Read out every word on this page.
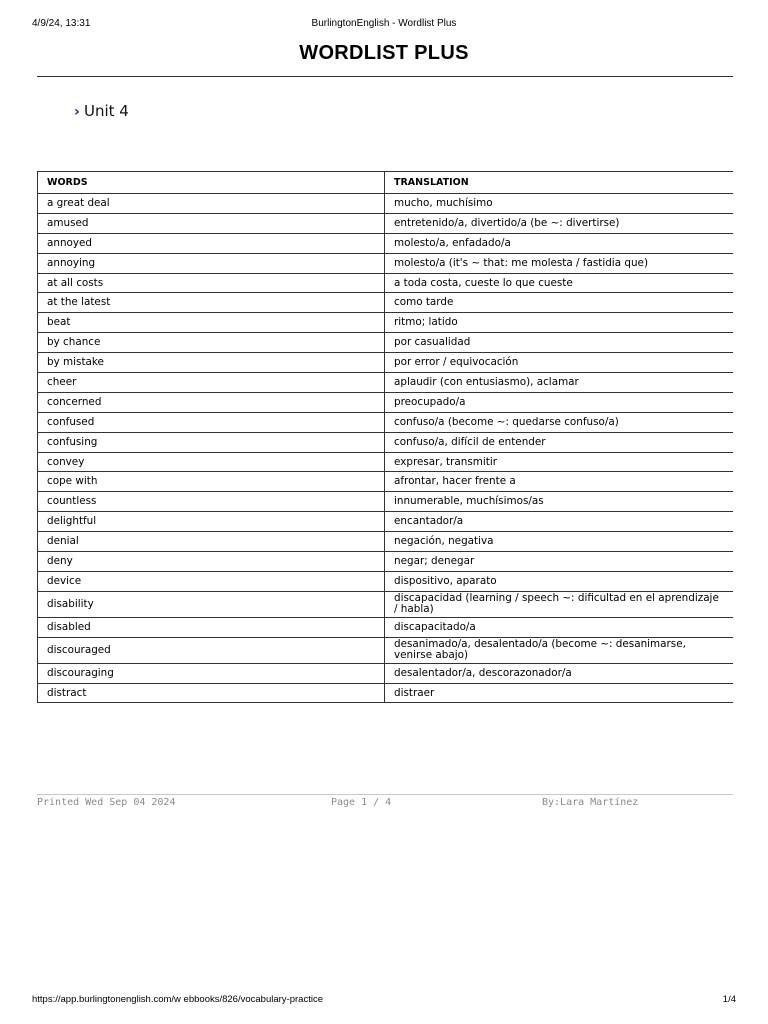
4/9/24, 13:31	BurlingtonEnglish - Wordlist Plus
WORDLIST PLUS
› Unit 4
WORDS	TRANSLATION
a great deal	mucho, muchísimo
amused	entretenido/a, divertido/a (be ~: divertirse)
annoyed	molesto/a, enfadado/a
annoying	molesto/a (it's ~ that: me molesta / fastidia que)
at all costs	a toda costa, cueste lo que cueste
at the latest	como tarde
beat	ritmo; latido
by chance	por casualidad
by mistake	por error / equivocación
cheer	aplaudir (con entusiasmo), aclamar
concerned	preocupado/a
confused	confuso/a (become ~: quedarse confuso/a)
confusing	confuso/a, difícil de entender
convey	expresar, transmitir
cope with	afrontar, hacer frente a
countless	innumerable, muchísimos/as
delightful	encantador/a
denial	negación, negativa
deny	negar; denegar
device	dispositivo, aparato
disability	discapacidad (learning / speech ~: dificultad en el aprendizaje / habla)
disabled	discapacitado/a
discouraged	desanimado/a, desalentado/a (become ~: desanimarse, venirse abajo)
discouraging	desalentador/a, descorazonador/a
distract	distraer
Printed Wed Sep 04 2024	Page 1 / 4	By:Lara Martínez
https://app.burlingtonenglish.com/w ebbooks/826/vocabulary-practice	1/4
